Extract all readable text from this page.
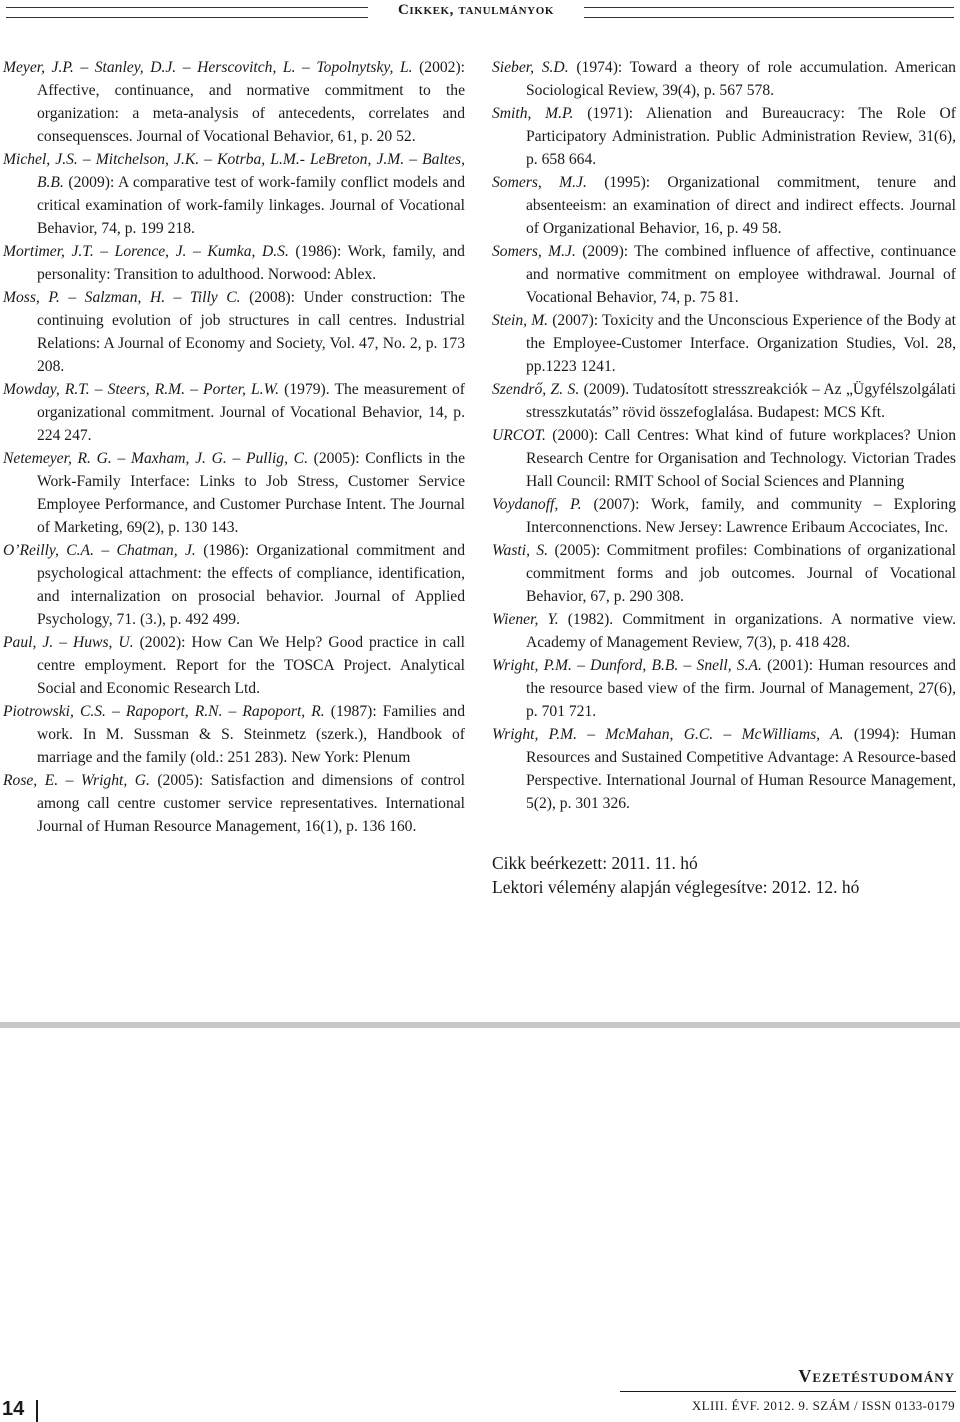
Cikkek, tanulmányok

Meyer, J.P. – Stanley, D.J. – Herscovitch, L. – Topolnytsky, L. (2002): Affective, continuance, and normative commitment to the organization: a meta-analysis of antecedents, correlates and consequensces. Journal of Vocational Behavior, 61, p. 20 52.

Michel, J.S. – Mitchelson, J.K. – Kotrba, L.M.- LeBreton, J.M. – Baltes, B.B. (2009): A comparative test of work-family conflict models and critical examination of work-family linkages. Journal of Vocational Behavior, 74, p. 199 218.

Mortimer, J.T. – Lorence, J. – Kumka, D.S. (1986): Work, family, and personality: Transition to adulthood. Norwood: Ablex.

Moss, P. – Salzman, H. – Tilly C. (2008): Under construction: The continuing evolution of job structures in call centres. Industrial Relations: A Journal of Economy and Society, Vol. 47, No. 2, p. 173 208.

Mowday, R.T. – Steers, R.M. – Porter, L.W. (1979). The measurement of organizational commitment. Journal of Vocational Behavior, 14, p. 224 247.

Netemeyer, R. G. – Maxham, J. G. – Pullig, C. (2005): Conflicts in the Work-Family Interface: Links to Job Stress, Customer Service Employee Performance, and Customer Purchase Intent. The Journal of Marketing, 69(2), p. 130 143.

O’Reilly, C.A. – Chatman, J. (1986): Organizational commitment and psychological attachment: the effects of compliance, identification, and internalization on prosocial behavior. Journal of Applied Psychology, 71. (3.), p. 492 499.

Paul, J. – Huws, U. (2002): How Can We Help? Good practice in call centre employment. Report for the TOSCA Project. Analytical Social and Economic Research Ltd.

Piotrowski, C.S. – Rapoport, R.N. – Rapoport, R. (1987): Families and work. In M. Sussman & S. Steinmetz (szerk.), Handbook of marriage and the family (old.: 251 283). New York: Plenum

Rose, E. – Wright, G. (2005): Satisfaction and dimensions of control among call centre customer service representatives. International Journal of Human Resource Management, 16(1), p. 136 160.

Sieber, S.D. (1974): Toward a theory of role accumulation. American Sociological Review, 39(4), p. 567 578.

Smith, M.P. (1971): Alienation and Bureaucracy: The Role Of Participatory Administration. Public Administration Review, 31(6), p. 658 664.

Somers, M.J. (1995): Organizational commitment, tenure and absenteeism: an examination of direct and indirect effects. Journal of Organizational Behavior, 16, p. 49 58.

Somers, M.J. (2009): The combined influence of affective, continuance and normative commitment on employee withdrawal. Journal of Vocational Behavior, 74, p. 75 81.

Stein, M. (2007): Toxicity and the Unconscious Experience of the Body at the Employee-Customer Interface. Organization Studies, Vol. 28, pp.1223 1241.

Szendrő, Z. S. (2009). Tudatosított stresszreakciók – Az „Ügyfélszolgálati stresszkutatás” rövid összefoglalása. Budapest: MCS Kft.

URCOT. (2000): Call Centres: What kind of future workplaces? Union Research Centre for Organisation and Technology. Victorian Trades Hall Council: RMIT School of Social Sciences and Planning

Voydanoff, P. (2007): Work, family, and community – Exploring Interconnenctions. New Jersey: Lawrence Eribaum Accociates, Inc.

Wasti, S. (2005): Commitment profiles: Combinations of organizational commitment forms and job outcomes. Journal of Vocational Behavior, 67, p. 290 308.

Wiener, Y. (1982). Commitment in organizations. A normative view. Academy of Management Review, 7(3), p. 418 428.

Wright, P.M. – Dunford, B.B. – Snell, S.A. (2001): Human resources and the resource based view of the firm. Journal of Management, 27(6), p. 701 721.

Wright, P.M. – McMahan, G.C. – McWilliams, A. (1994): Human Resources and Sustained Competitive Advantage: A Resource-based Perspective. International Journal of Human Resource Management, 5(2), p. 301 326.

Cikk beérkezett: 2011. 11. hó
Lektori vélemény alapján véglegesítve: 2012. 12. hó
Vezetéstudomány
XLIII. ÉVF. 2012. 9. SZÁM / ISSN 0133-0179
14
